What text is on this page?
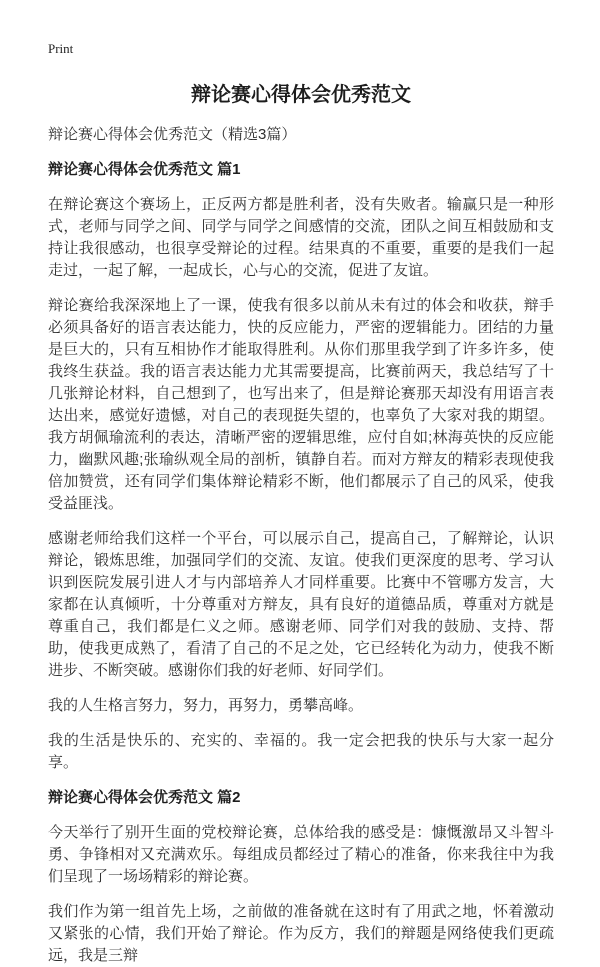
Print
辩论赛心得体会优秀范文
辩论赛心得体会优秀范文（精选3篇）
辩论赛心得体会优秀范文 篇1

在辩论赛这个赛场上，正反两方都是胜利者，没有失败者。输赢只是一种形式，老师与同学之间、同学与同学之间感情的交流，团队之间互相鼓励和支持让我很感动，也很享受辩论的过程。结果真的不重要，重要的是我们一起走过，一起了解，一起成长，心与心的交流，促进了友谊。

辩论赛给我深深地上了一课，使我有很多以前从未有过的体会和收获，辩手必须具备好的语言表达能力，快的反应能力，严密的逻辑能力。团结的力量是巨大的，只有互相协作才能取得胜利。从你们那里我学到了许多许多，使我终生获益。我的语言表达能力尤其需要提高，比赛前两天，我总结写了十几张辩论材料，自己想到了，也写出来了，但是辩论赛那天却没有用语言表达出来，感觉好遗憾，对自己的表现挺失望的，也辜负了大家对我的期望。我方胡佩瑜流利的表达，清晰严密的逻辑思维，应付自如;林海英快的反应能力，幽默风趣;张瑜纵观全局的剖析，镇静自若。而对方辩友的精彩表现使我倍加赞赏，还有同学们集体辩论精彩不断，他们都展示了自己的风采，使我受益匪浅。

感谢老师给我们这样一个平台，可以展示自己，提高自己，了解辩论，认识辩论，锻炼思维，加强同学们的交流、友谊。使我们更深度的思考、学习认识到医院发展引进人才与内部培养人才同样重要。比赛中不管哪方发言，大家都在认真倾听，十分尊重对方辩友，具有良好的道德品质，尊重对方就是尊重自己，我们都是仁义之师。感谢老师、同学们对我的鼓励、支持、帮助，使我更成熟了，看清了自己的不足之处，它已经转化为动力，使我不断进步、不断突破。感谢你们我的好老师、好同学们。

我的人生格言努力，努力，再努力，勇攀高峰。

我的生活是快乐的、充实的、幸福的。我一定会把我的快乐与大家一起分享。

辩论赛心得体会优秀范文 篇2

今天举行了别开生面的党校辩论赛，总体给我的感受是：慷慨激昂又斗智斗勇、争锋相对又充满欢乐。每组成员都经过了精心的准备，你来我往中为我们呈现了一场场精彩的辩论赛。

我们作为第一组首先上场，之前做的准备就在这时有了用武之地，怀着激动又紧张的心情，我们开始了辩论。作为反方，我们的辩题是网络使我们更疏远，我是三辩
